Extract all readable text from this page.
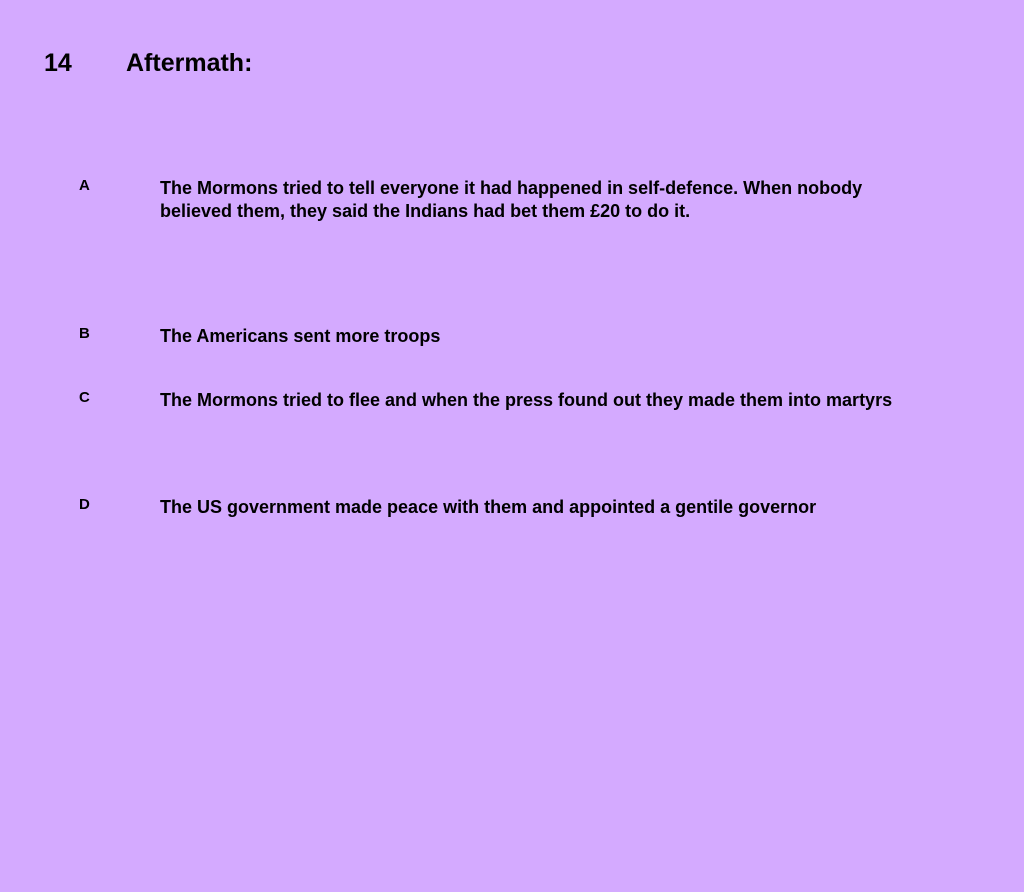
14 Aftermath:
A	The Mormons tried to tell everyone it had happened in self-defence. When nobody
believed them, they said the Indians had bet them £20 to do it.
B	The Americans sent more troops
C	The Mormons tried to flee and when the press found out they made them into martyrs
D	The US government made peace with them and appointed a gentile governor
